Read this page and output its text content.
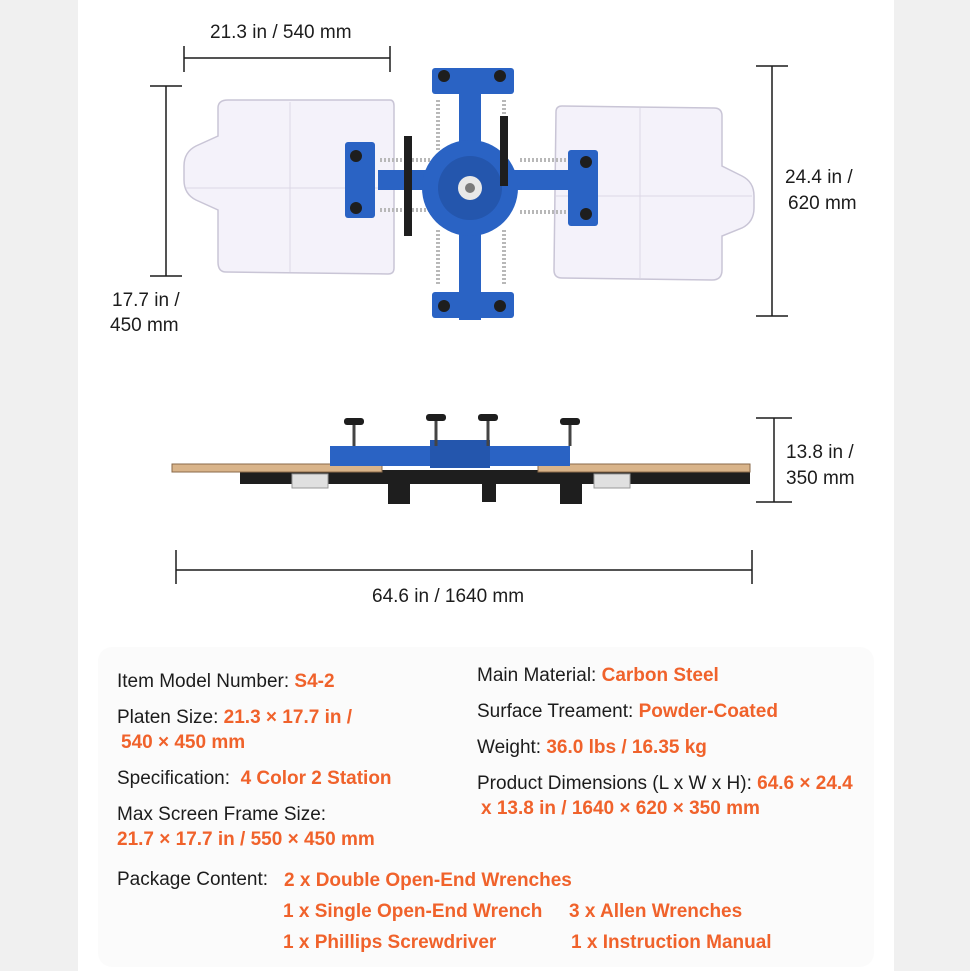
21.3 in / 540 mm
17.7 in /
450 mm
24.4 in /
620 mm
13.8 in /
350 mm
64.6 in / 1640 mm
Item Model Number: S4-2
Platen Size: 21.3 × 17.7 in /
540 × 450 mm
Specification:  4 Color 2 Station
Max Screen Frame Size:
21.7 × 17.7 in / 550 × 450 mm
Main Material: Carbon Steel
Surface Treament: Powder-Coated
Weight: 36.0 lbs / 16.35 kg
Product Dimensions (L x W x H): 64.6 × 24.4
x 13.8 in / 1640 × 620 × 350 mm
Package Content: 2 x Double Open-End Wrenches
1 x Single Open-End Wrench 3 x Allen Wrenches
1 x Phillips Screwdriver	1 x Instruction Manual
